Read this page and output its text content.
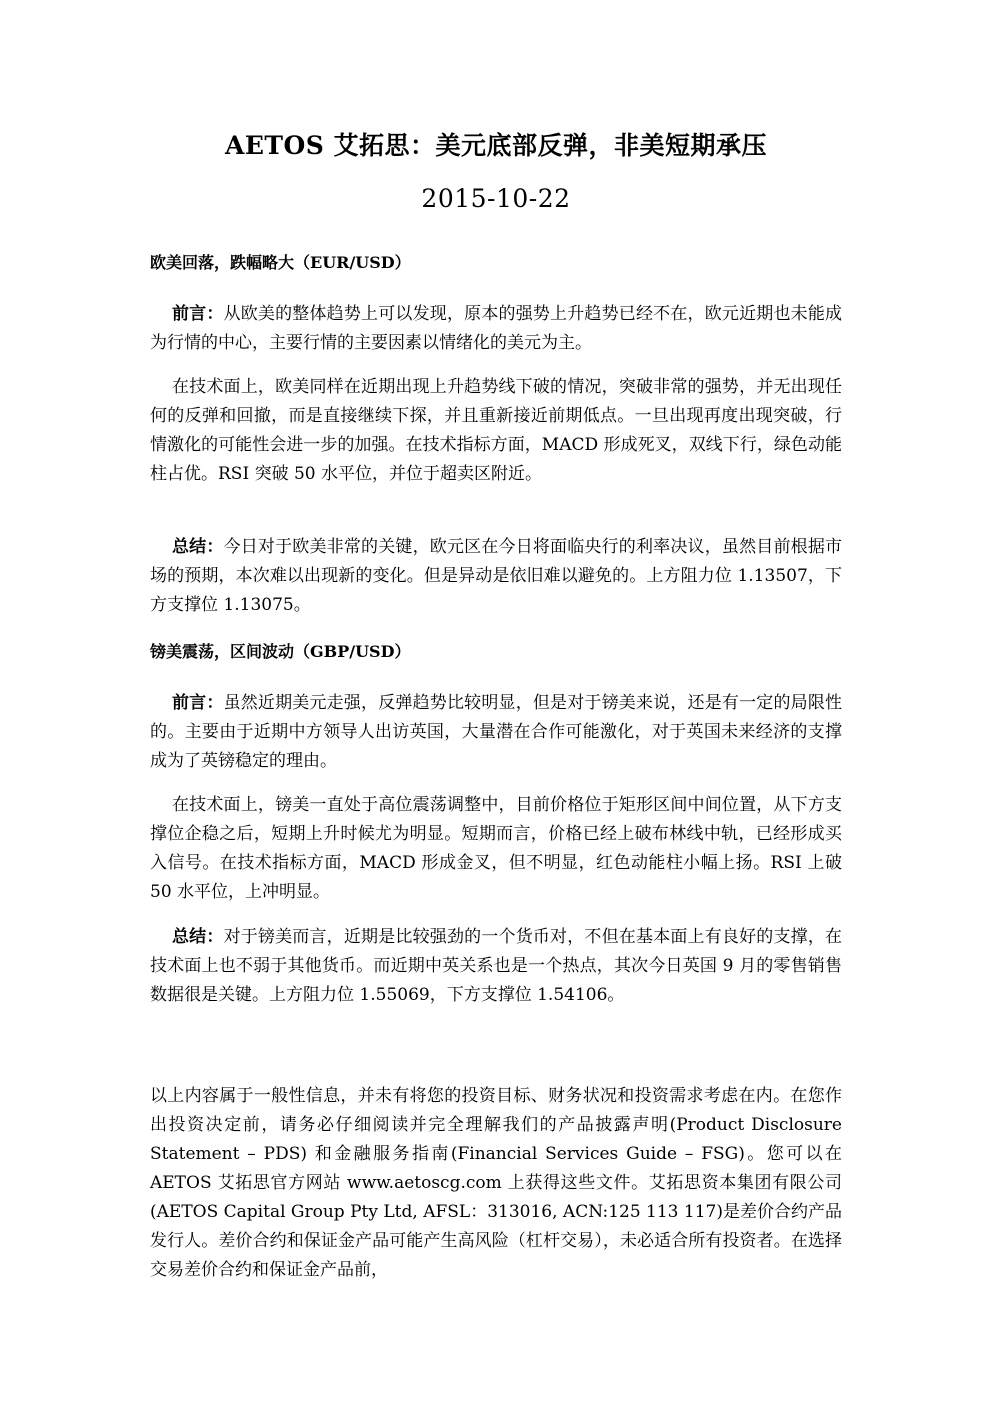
AETOS 艾拓思：美元底部反弹，非美短期承压
2015-10-22
欧美回落，跌幅略大（EUR/USD）
前言：从欧美的整体趋势上可以发现，原本的强势上升趋势已经不在，欧元近期也未能成为行情的中心，主要行情的主要因素以情绪化的美元为主。
在技术面上，欧美同样在近期出现上升趋势线下破的情况，突破非常的强势，并无出现任何的反弹和回撤，而是直接继续下探，并且重新接近前期低点。一旦出现再度出现突破，行情激化的可能性会进一步的加强。在技术指标方面，MACD 形成死叉，双线下行，绿色动能柱占优。RSI 突破 50 水平位，并位于超卖区附近。
总结：今日对于欧美非常的关键，欧元区在今日将面临央行的利率决议，虽然目前根据市场的预期，本次难以出现新的变化。但是异动是依旧难以避免的。上方阻力位 1.13507，下方支撑位 1.13075。
镑美震荡，区间波动（GBP/USD）
前言：虽然近期美元走强，反弹趋势比较明显，但是对于镑美来说，还是有一定的局限性的。主要由于近期中方领导人出访英国，大量潜在合作可能激化，对于英国未来经济的支撑成为了英镑稳定的理由。
在技术面上，镑美一直处于高位震荡调整中，目前价格位于矩形区间中间位置，从下方支撑位企稳之后，短期上升时候尤为明显。短期而言，价格已经上破布林线中轨，已经形成买入信号。在技术指标方面，MACD 形成金叉，但不明显，红色动能柱小幅上扬。RSI 上破 50 水平位，上冲明显。
总结：对于镑美而言，近期是比较强劲的一个货币对，不但在基本面上有良好的支撑，在技术面上也不弱于其他货币。而近期中英关系也是一个热点，其次今日英国 9 月的零售销售数据很是关键。上方阻力位 1.55069，下方支撑位 1.54106。
以上内容属于一般性信息，并未有将您的投资目标、财务状况和投资需求考虑在内。在您作出投资决定前，请务必仔细阅读并完全理解我们的产品披露声明(Product Disclosure Statement – PDS) 和金融服务指南(Financial Services Guide – FSG)。您可以在 AETOS 艾拓思官方网站 www.aetoscg.com 上获得这些文件。艾拓思资本集团有限公司(AETOS Capital Group Pty Ltd, AFSL：313016, ACN:125 113 117)是差价合约产品发行人。差价合约和保证金产品可能产生高风险（杠杆交易），未必适合所有投资者。在选择交易差价合约和保证金产品前，
